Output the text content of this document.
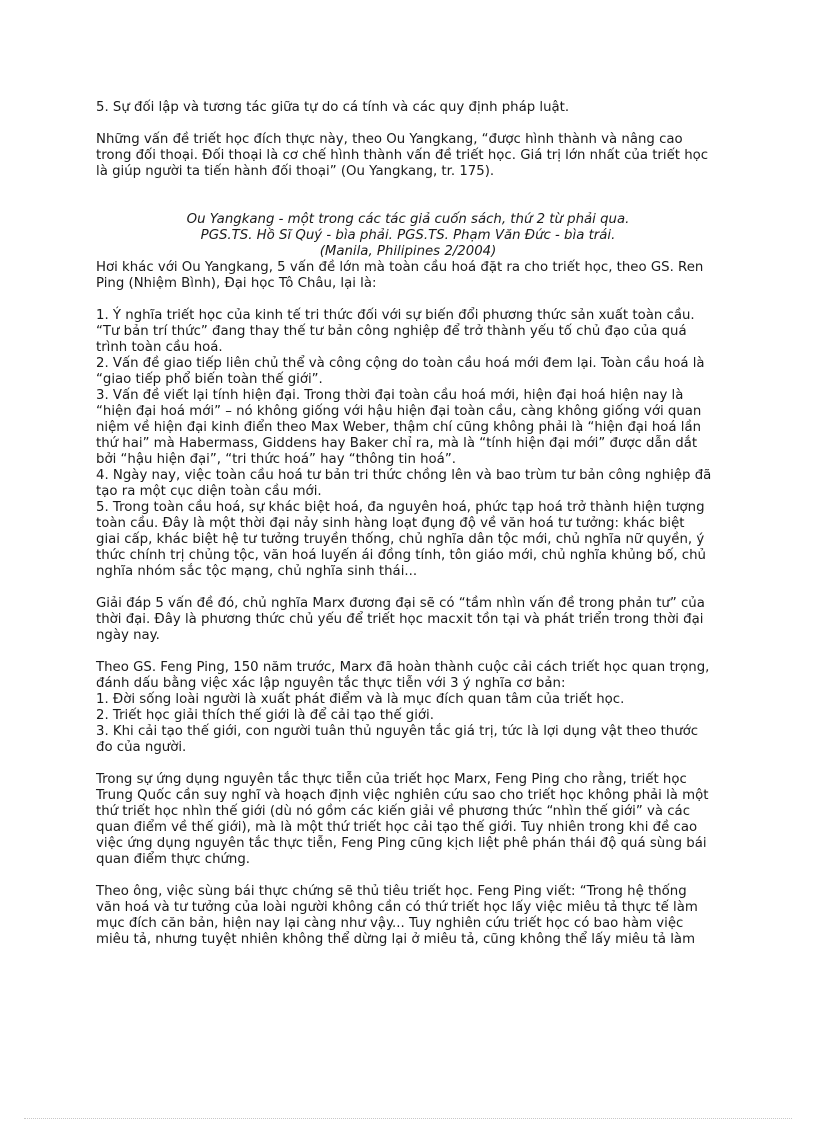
5. Sự đối lập và tương tác giữa tự do cá tính và các quy định pháp luật.
Những vấn đề triết học đích thực này, theo Ou Yangkang, “được hình thành và nâng cao
trong đối thoại. Đối thoại là cơ chế hình thành vấn đề triết học. Giá trị lớn nhất của triết học
là giúp người ta tiến hành đối thoại” (Ou Yangkang, tr. 175).
Ou Yangkang - một trong các tác giả cuốn sách, thứ 2 từ phải qua.
PGS.TS. Hồ Sĩ Quý - bìa phải. PGS.TS. Phạm Văn Đức - bìa trái.
(Manila, Philipines 2/2004)
Hơi khác với Ou Yangkang, 5 vấn đề lớn mà toàn cầu hoá đặt ra cho triết học, theo GS. Ren
Ping (Nhiệm Bình), Đại học Tô Châu, lại là:
1. Ý nghĩa triết học của kinh tế tri thức đối với sự biến đổi phương thức sản xuất toàn cầu.
“Tư bản trí thức” đang thay thế tư bản công nghiệp để trở thành yếu tố chủ đạo của quá
trình toàn cầu hoá.
2. Vấn đề giao tiếp liên chủ thể và công cộng do toàn cầu hoá mới đem lại. Toàn cầu hoá là
“giao tiếp phổ biến toàn thế giới”.
3. Vấn đề viết lại tính hiện đại. Trong thời đại toàn cầu hoá mới, hiện đại hoá hiện nay là
“hiện đại hoá mới” – nó không giống với hậu hiện đại toàn cầu, càng không giống với quan
niệm về hiện đại kinh điển theo Max Weber, thậm chí cũng không phải là “hiện đại hoá lần
thứ hai” mà Habermass, Giddens hay Baker chỉ ra, mà là “tính hiện đại mới” được dẫn dắt
bởi “hậu hiện đại”, “tri thức hoá” hay “thông tin hoá”.
4. Ngày nay, việc toàn cầu hoá tư bản tri thức chồng lên và bao trùm tư bản công nghiệp đã
tạo ra một cục diện toàn cầu mới.
5. Trong toàn cầu hoá, sự khác biệt hoá, đa nguyên hoá, phức tạp hoá trở thành hiện tượng
toàn cầu. Đây là một thời đại nảy sinh hàng loạt đụng độ về văn hoá tư tưởng: khác biệt
giai cấp, khác biệt hệ tư tưởng truyền thống, chủ nghĩa dân tộc mới, chủ nghĩa nữ quyền, ý
thức chính trị chủng tộc, văn hoá luyến ái đồng tính, tôn giáo mới, chủ nghĩa khủng bố, chủ
nghĩa nhóm sắc tộc mạng, chủ nghĩa sinh thái...
Giải đáp 5 vấn đề đó, chủ nghĩa Marx đương đại sẽ có “tầm nhìn vấn đề trong phản tư” của
thời đại. Đây là phương thức chủ yếu để triết học macxit tồn tại và phát triển trong thời đại
ngày nay.
Theo GS. Feng Ping, 150 năm trước, Marx đã hoàn thành cuộc cải cách triết học quan trọng,
đánh dấu bằng việc xác lập nguyên tắc thực tiễn với 3 ý nghĩa cơ bản:
1. Đời sống loài người là xuất phát điểm và là mục đích quan tâm của triết học.
2. Triết học giải thích thế giới là để cải tạo thế giới.
3. Khi cải tạo thế giới, con người tuân thủ nguyên tắc giá trị, tức là lợi dụng vật theo thước
đo của người.
Trong sự ứng dụng nguyên tắc thực tiễn của triết học Marx, Feng Ping cho rằng, triết học
Trung Quốc cần suy nghĩ và hoạch định việc nghiên cứu sao cho triết học không phải là một
thứ triết học nhìn thế giới (dù nó gồm các kiến giải về phương thức “nhìn thế giới” và các
quan điểm về thế giới), mà là một thứ triết học cải tạo thế giới. Tuy nhiên trong khi đề cao
việc ứng dụng nguyên tắc thực tiễn, Feng Ping cũng kịch liệt phê phán thái độ quá sùng bái
quan điểm thực chứng.
Theo ông, việc sùng bái thực chứng sẽ thủ tiêu triết học. Feng Ping viết: “Trong hệ thống
văn hoá và tư tưởng của loài người không cần có thứ triết học lấy việc miêu tả thực tế làm
mục đích căn bản, hiện nay lại càng như vậy... Tuy nghiên cứu triết học có bao hàm việc
miêu tả, nhưng tuyệt nhiên không thể dừng lại ở miêu tả, cũng không thể lấy miêu tả làm
